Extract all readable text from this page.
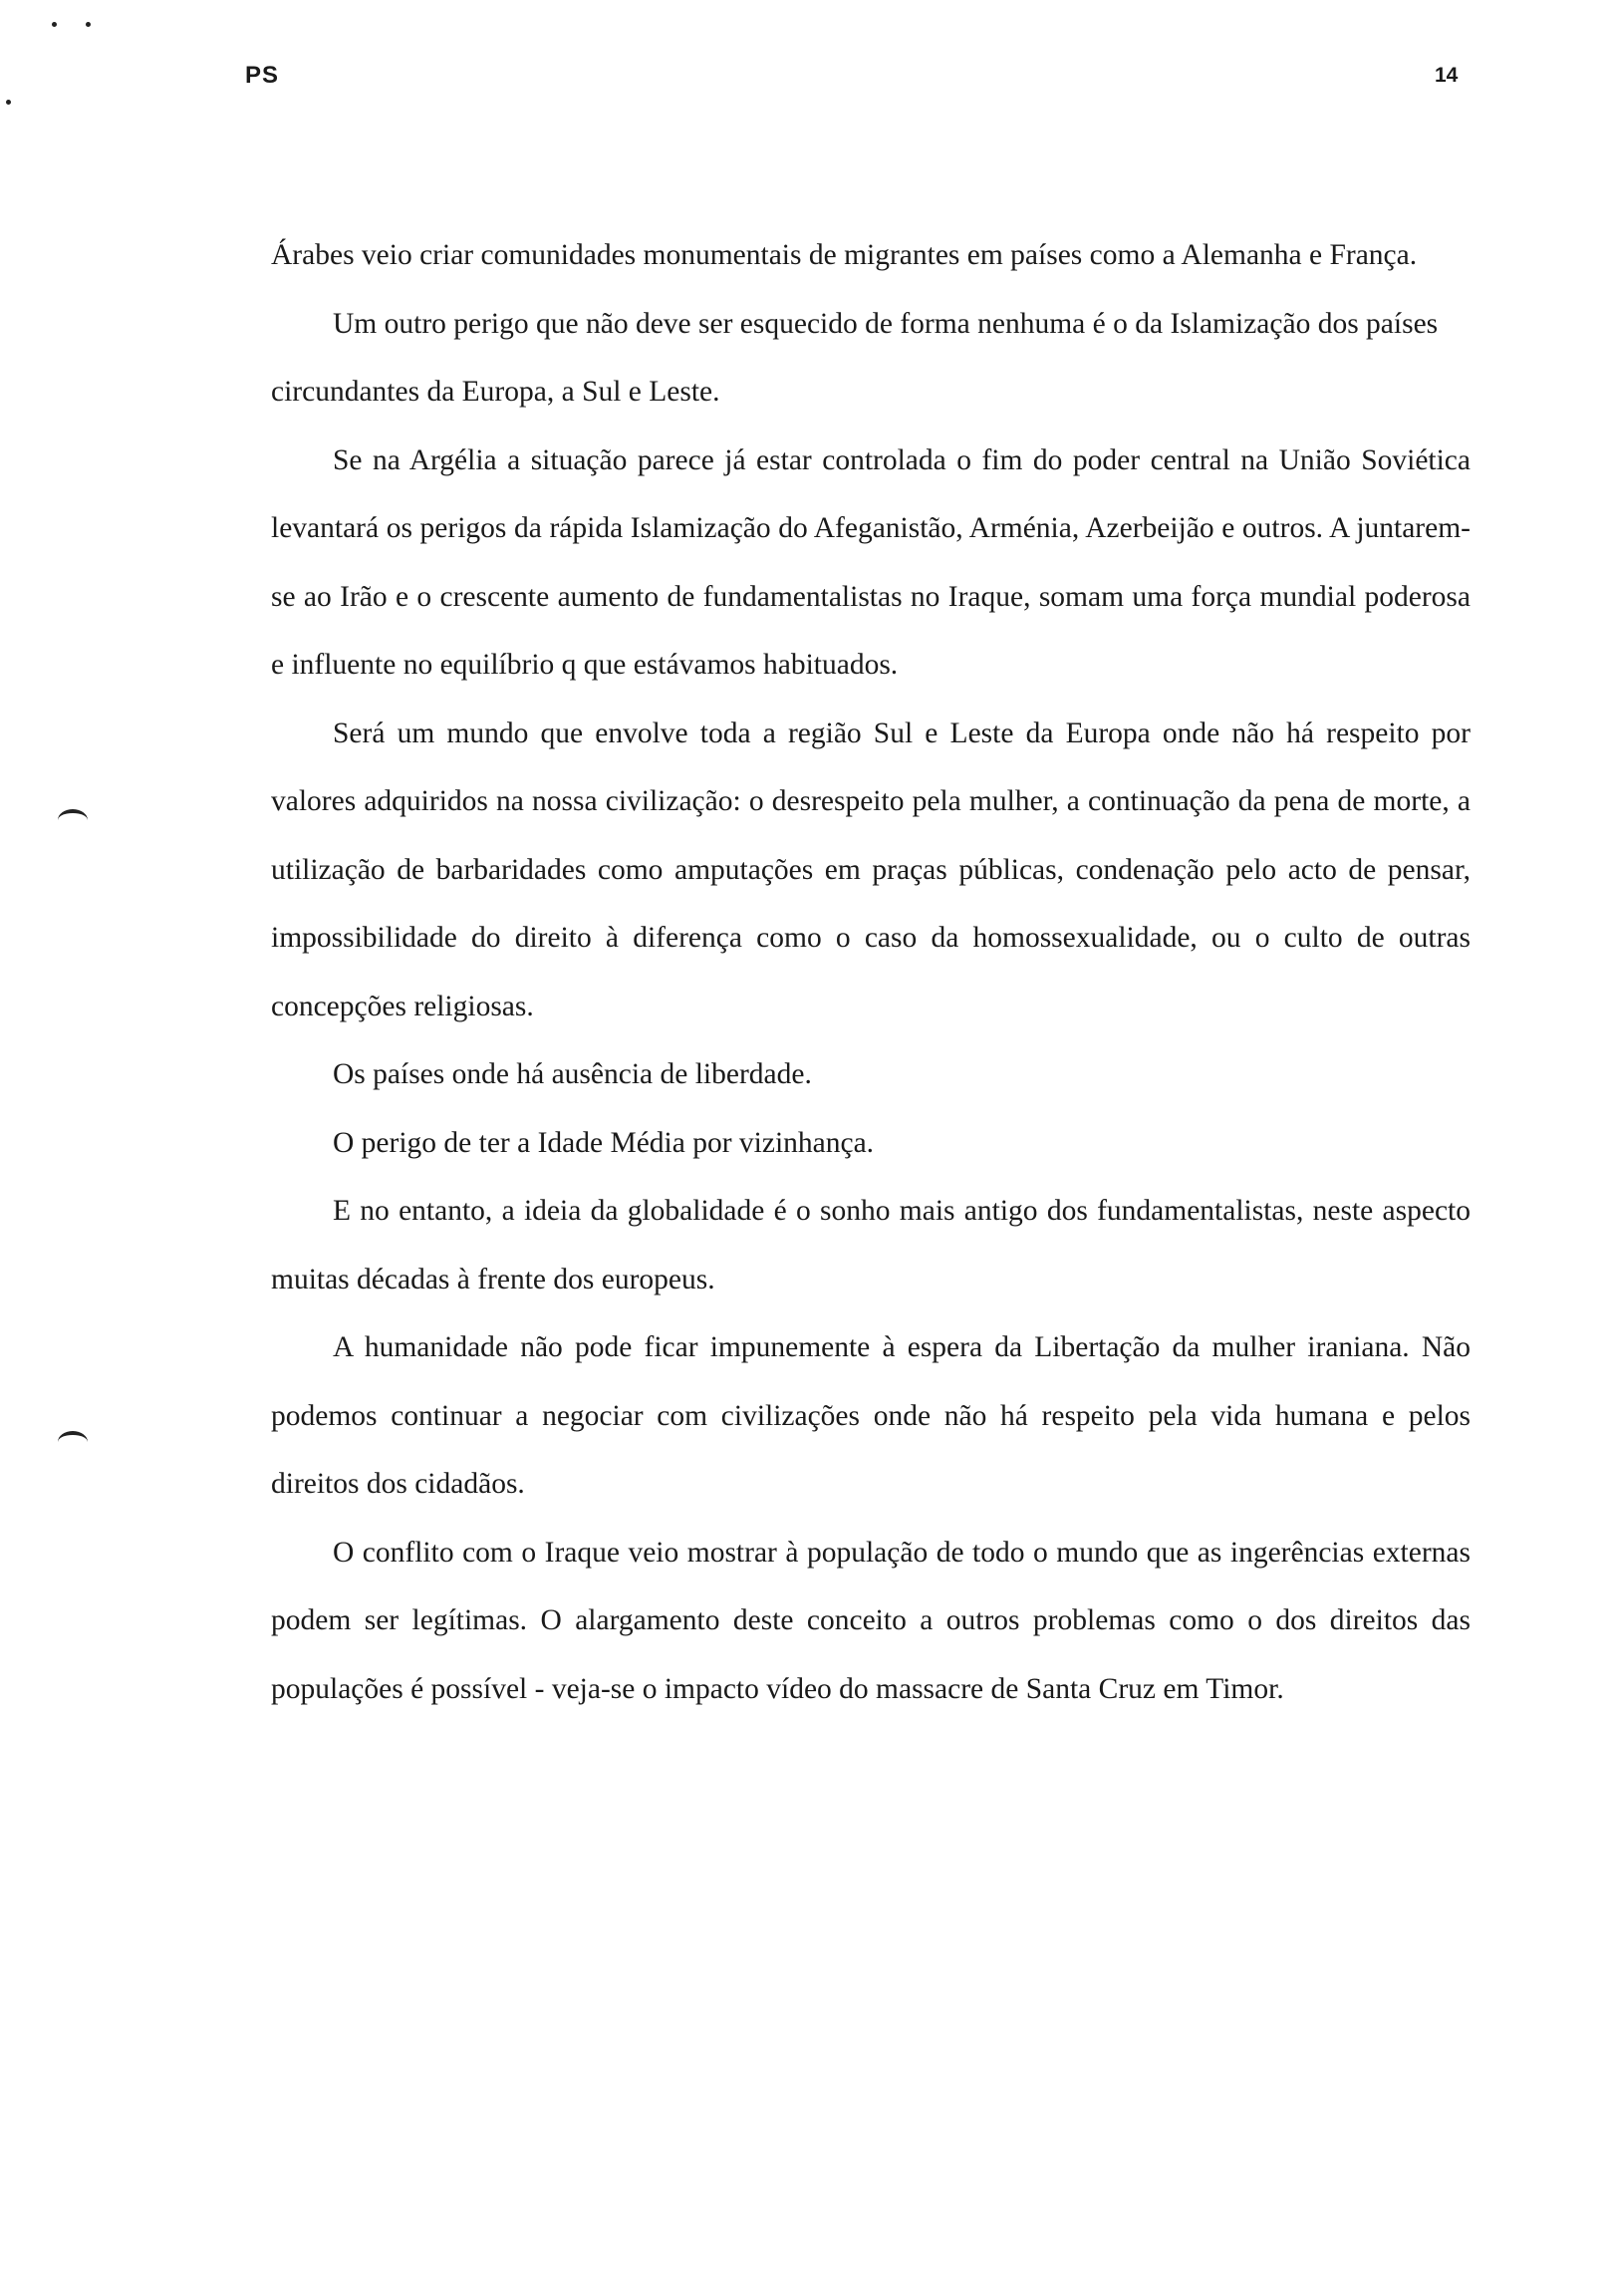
PS	14

Árabes veio criar comunidades monumentais de migrantes em países como a Alemanha e França.

Um outro perigo que não deve ser esquecido de forma nenhuma é o da Islamização dos países circundantes da Europa, a Sul e Leste.

Se na Argélia a situação parece já estar controlada o fim do poder central na União Soviética levantará os perigos da rápida Islamização do Afeganistão, Arménia, Azerbeijão e outros. A juntarem-se ao Irão e o crescente aumento de fundamentalistas no Iraque, somam uma força mundial poderosa e influente no equilíbrio q que estávamos habituados.

Será um mundo que envolve toda a região Sul e Leste da Europa onde não há respeito por valores adquiridos na nossa civilização: o desrespeito pela mulher, a continuação da pena de morte, a utilização de barbaridades como amputações em praças públicas, condenação pelo acto de pensar, impossibilidade do direito à diferença como o caso da homossexualidade, ou o culto de outras concepções religiosas.

Os países onde há ausência de liberdade.

O perigo de ter a Idade Média por vizinhança.

E no entanto, a ideia da globalidade é o sonho mais antigo dos fundamentalistas, neste aspecto muitas décadas à frente dos europeus.

A humanidade não pode ficar impunemente à espera da Libertação da mulher iraniana. Não podemos continuar a negociar com civilizações onde não há respeito pela vida humana e pelos direitos dos cidadãos.

O conflito com o Iraque veio mostrar à população de todo o mundo que as ingerências externas podem ser legítimas. O alargamento deste conceito a outros problemas como o dos direitos das populações é possível - veja-se o impacto vídeo do massacre de Santa Cruz em Timor.
